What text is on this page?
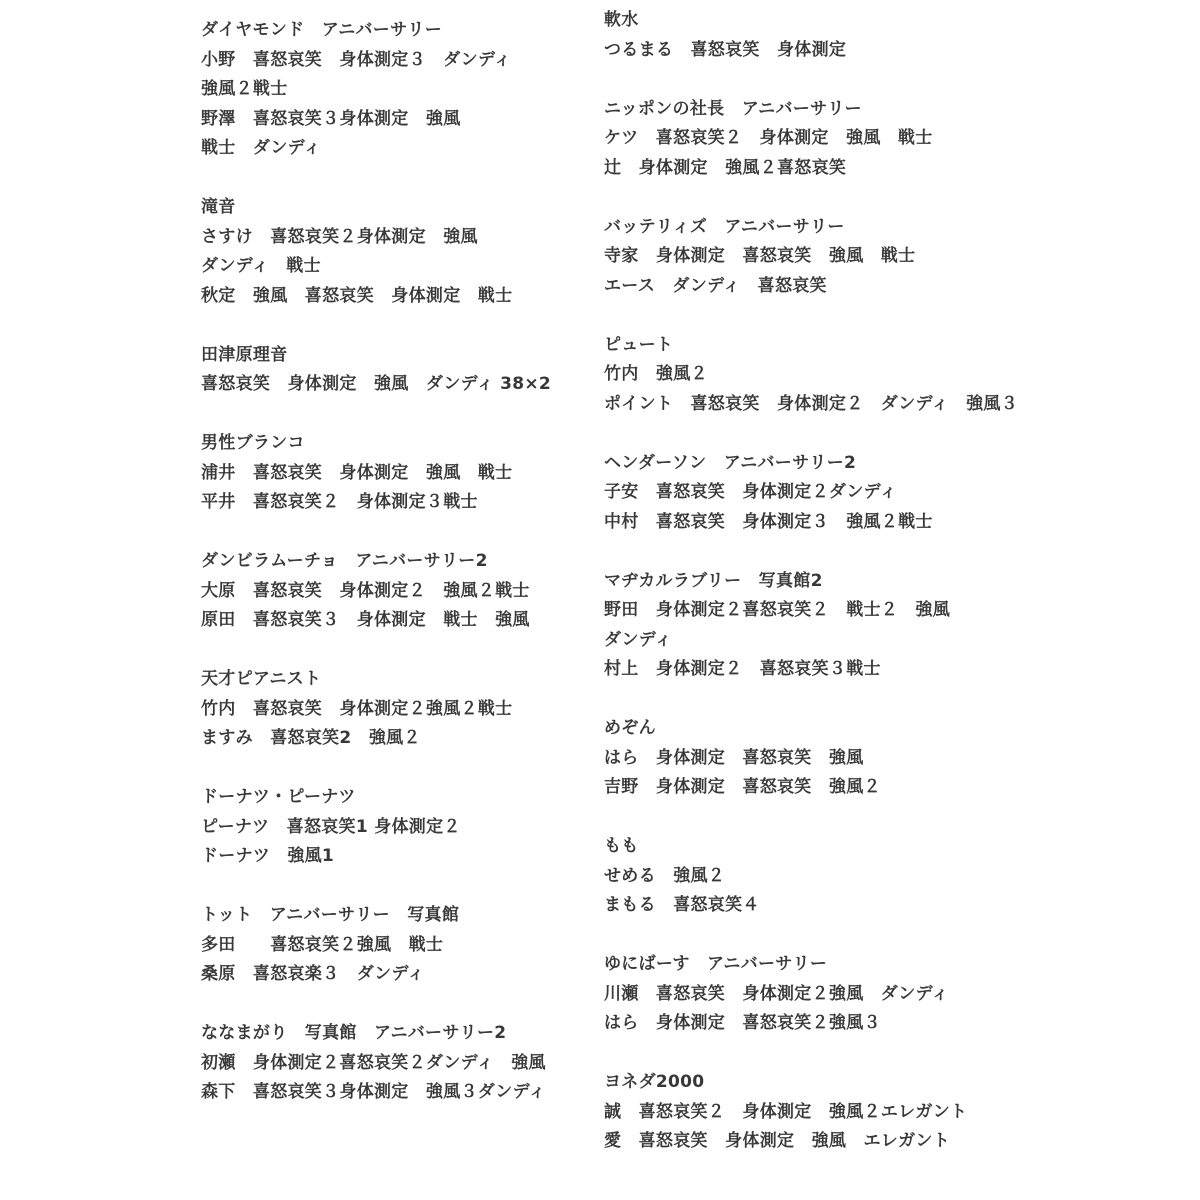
ダイヤモンド　アニバーサリー
小野　喜怒哀笑　身体測定３　ダンディ
強風２戦士
野澤　喜怒哀笑３身体測定　強風
戦士　ダンディ
滝音
さすけ　喜怒哀笑２身体測定　強風
ダンディ　戦士
秋定　強風　喜怒哀笑　身体測定　戦士
田津原理音
喜怒哀笑　身体測定　強風　ダンディ 38×2
男性ブランコ
浦井　喜怒哀笑　身体測定　強風　戦士
平井　喜怒哀笑２　身体測定３戦士
ダンビラムーチョ　アニバーサリー2
大原　喜怒哀笑　身体測定２　強風２戦士
原田　喜怒哀笑３　身体測定　戦士　強風
天才ピアニスト
竹内　喜怒哀笑　身体測定２強風２戦士
ますみ　喜怒哀笑2　強風２
ドーナツ・ピーナツ
ピーナツ　喜怒哀笑1 身体測定２
ドーナツ　強風1
トット　アニバーサリー　写真館
多田　　喜怒哀笑２強風　戦士
桑原　喜怒哀楽３　ダンディ
ななまがり　写真館　アニバーサリー2
初瀬　身体測定２喜怒哀笑２ダンディ　強風
森下　喜怒哀笑３身体測定　強風３ダンディ
軟水
つるまる　喜怒哀笑　身体測定
ニッポンの社長　アニバーサリー
ケツ　喜怒哀笑２　身体測定　強風　戦士
辻　身体測定　強風２喜怒哀笑
バッテリィズ　アニバーサリー
寺家　身体測定　喜怒哀笑　強風　戦士
エース　ダンディ　喜怒哀笑
ピュート
竹内　強風２
ポイント　喜怒哀笑　身体測定２　ダンディ　強風３
ヘンダーソン　アニバーサリー2
子安　喜怒哀笑　身体測定２ダンディ
中村　喜怒哀笑　身体測定３　強風２戦士
マヂカルラブリー　写真館2
野田　身体測定２喜怒哀笑２　戦士２　強風
ダンディ
村上　身体測定２　喜怒哀笑３戦士
めぞん
はら　身体測定　喜怒哀笑　強風
吉野　身体測定　喜怒哀笑　強風２
もも
せめる　強風２
まもる　喜怒哀笑４
ゆにばーす　アニバーサリー
川瀬　喜怒哀笑　身体測定２強風　ダンディ
はら　身体測定　喜怒哀笑２強風３
ヨネダ2000
誠　喜怒哀笑２　身体測定　強風２エレガント
愛　喜怒哀笑　身体測定　強風　エレガント
